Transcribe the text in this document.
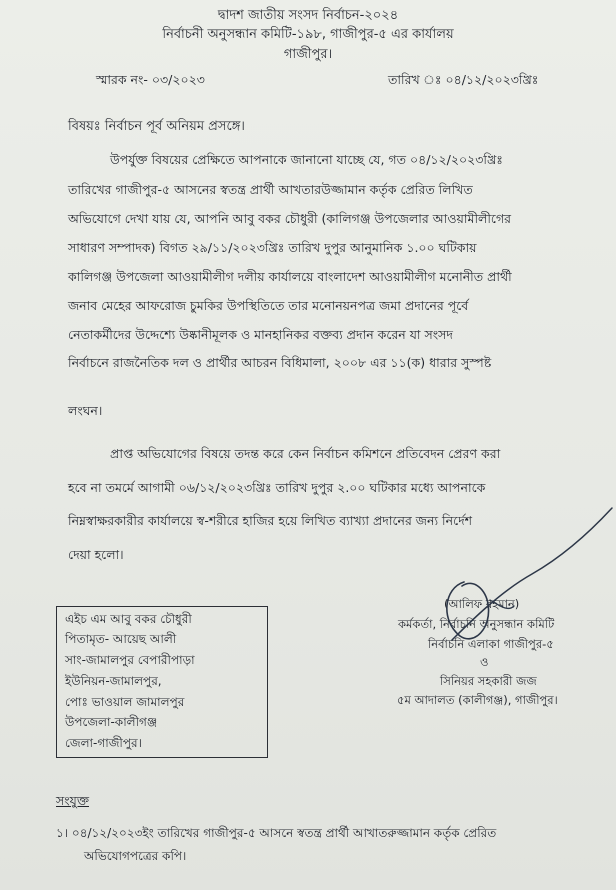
দ্বাদশ জাতীয় সংসদ নির্বাচন-২০২৪
নির্বাচনী অনুসন্ধান কমিটি-১৯৮, গাজীপুর-৫ এর কার্যালয়
গাজীপুর।
স্মারক নং- ০৩/২০২৩	তারিখ ঃ ০৪/১২/২০২৩খ্রিঃ
বিষয়ঃ নির্বাচন পূর্ব অনিয়ম প্রসঙ্গে।
উপর্যুক্ত বিষয়ের প্রেক্ষিতে আপনাকে জানানো যাচ্ছে যে, গত ০৪/১২/২০২৩খ্রিঃ
তারিখের গাজীপুর-৫ আসনের স্বতন্ত্র প্রার্থী আখতারউজ্জামান কর্তৃক প্রেরিত লিখিত
অভিযোগে দেখা যায় যে, আপনি আবু বকর চৌধুরী (কালিগঞ্জ উপজেলার আওয়ামীলীগের
সাধারণ সম্পাদক) বিগত ২৯/১১/২০২৩খ্রিঃ তারিখ দুপুর আনুমানিক ১.০০ ঘটিকায়
কালিগঞ্জ উপজেলা আওয়ামীলীগ দলীয় কার্যালয়ে বাংলাদেশ আওয়ামীলীগ মনোনীত প্রার্থী
জনাব মেহের আফরোজ চুমকির উপস্থিতিতে তার মনোনয়নপত্র জমা প্রদানের পূর্বে
নেতাকর্মীদের উদ্দেশ্যে উষ্কানীমূলক ও মানহানিকর বক্তব্য প্রদান করেন যা সংসদ
নির্বাচনে রাজনৈতিক দল ও প্রার্থীর আচরন বিধিমালা, ২০০৮ এর ১১(ক) ধারার সুস্পষ্ট
লংঘন।
প্রাপ্ত অভিযোগের বিষয়ে তদন্ত করে কেন নির্বাচন কমিশনে প্রতিবেদন প্রেরণ করা
হবে না তমর্মে আগামী ০৬/১২/২০২৩খ্রিঃ তারিখ দুপুর ২.০০ ঘটিকার মধ্যে আপনাকে
নিম্নস্বাক্ষরকারীর কার্যালয়ে স্ব-শরীরে হাজির হয়ে লিখিত ব্যাখ্যা প্রদানের জন্য নির্দেশ
দেয়া হলো।
এইচ এম আবু বকর চৌধুরী
পিতামৃত- আয়েছ আলী
সাং-জামালপুর বেপারীপাড়া
ইউনিয়ন-জামালপুর,
পোঃ ভাওয়াল জামালপুর
উপজেলা-কালীগঞ্জ
জেলা-গাজীপুর।
(আলিফ রহমান)
কর্মকর্তা, নির্বাচনি অনুসন্ধান কমিটি
নির্বাচনি এলাকা গাজীপুর-৫
ও
সিনিয়র সহকারী জজ
৫ম আদালত (কালীগঞ্জ), গাজীপুর।
সংযুক্ত
১। ০৪/১২/২০২৩ইং তারিখের গাজীপুর-৫ আসনে স্বতন্ত্র প্রার্থী আখাতরুজ্জামান কর্তৃক প্রেরিত
অভিযোগপত্রের কপি।
